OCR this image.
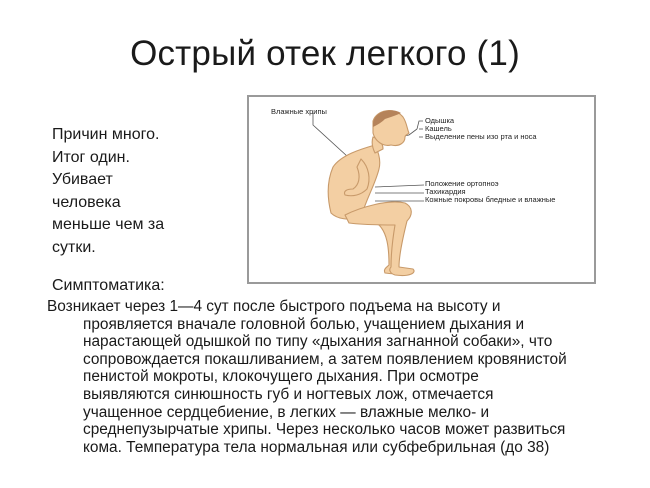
Острый отек легкого (1)
Причин много.
Итог один.
Убивает
человека
меньше чем за
сутки.
Влажные хрипы
Одышка
Кашель
Выделение пены изо рта и носа
Положение ортопноэ
Тахикардия
Кожные покровы бледные и влажные
Симптоматика:
Возникает через 1—4 сут после быстрого подъема на высоту и
проявляется вначале головной болью, учащением дыхания и
нарастающей одышкой по типу «дыхания загнанной собаки», что
сопровождается покашливанием, а затем появлением кровянистой
пенистой мокроты, клокочущего дыхания. При осмотре
выявляются синюшность губ и ногтевых лож, отмечается
учащенное сердцебиение, в легких — влажные мелко- и
среднепузырчатые хрипы. Через несколько часов может развиться
кома. Температура тела нормальная или субфебрильная (до 38)
